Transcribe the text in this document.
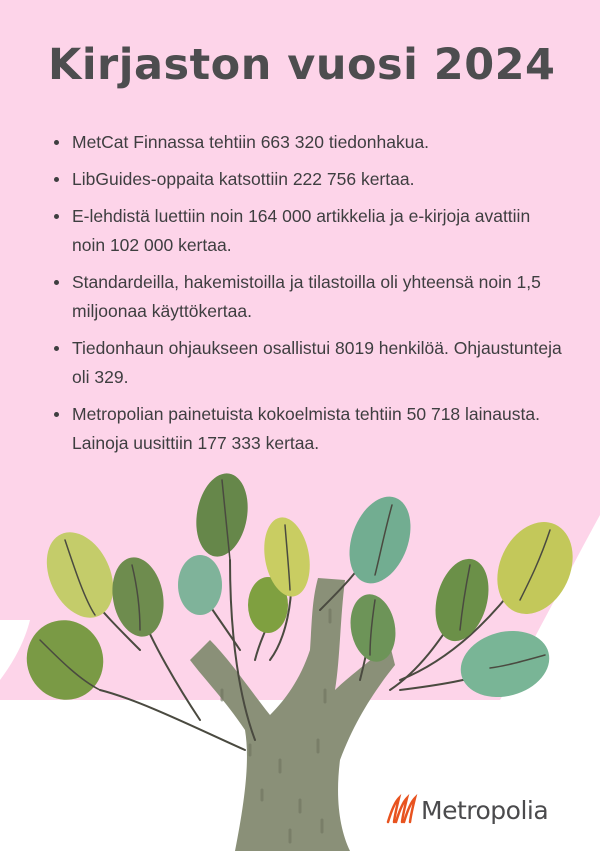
Kirjaston vuosi 2024
MetCat Finnassa tehtiin 663 320 tiedonhakua.
LibGuides-oppaita katsottiin 222 756 kertaa.
E-lehdistä luettiin noin 164 000 artikkelia ja e-kirjoja avattiin noin 102 000 kertaa.
Standardeilla, hakemistoilla ja tilastoilla oli yhteensä noin 1,5 miljoonaa käyttökertaa.
Tiedonhaun ohjaukseen osallistui 8019 henkilöä. Ohjaustunteja oli 329.
Metropolian painetuista kokoelmista tehtiin 50 718 lainausta. Lainoja uusittiin 177 333 kertaa.
Metropolia
